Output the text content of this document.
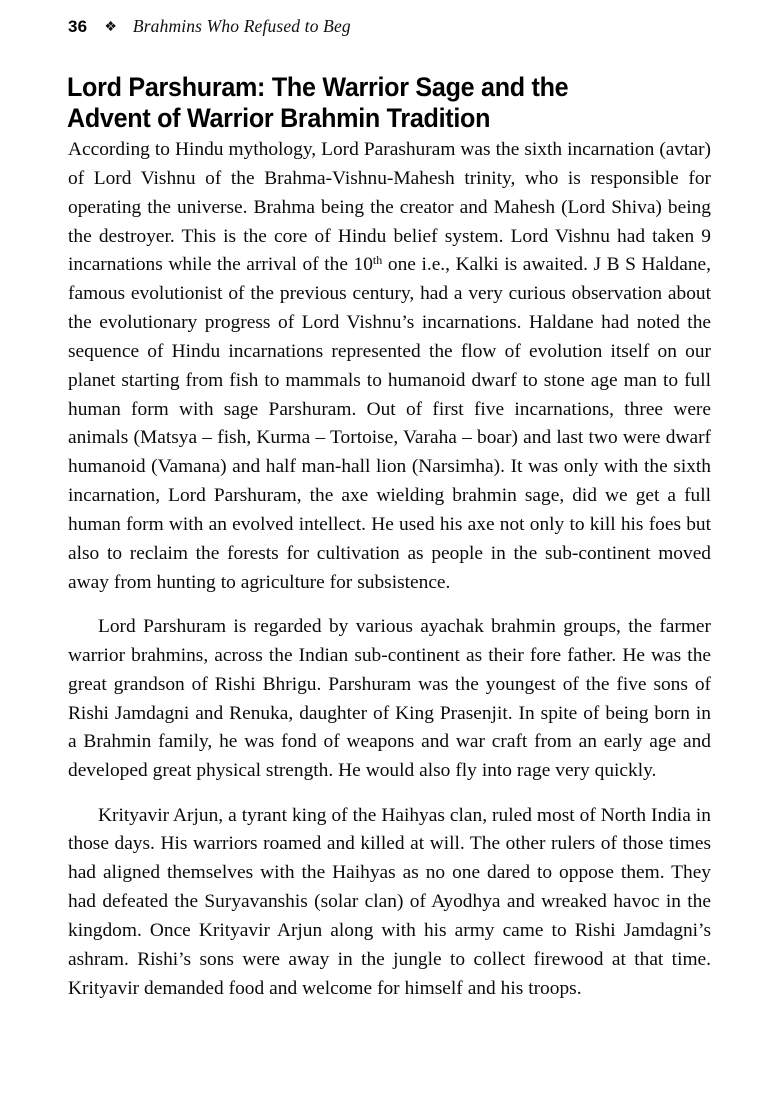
36 ❖ Brahmins Who Refused to Beg
Lord Parshuram: The Warrior Sage and the
Advent of Warrior Brahmin Tradition

According to Hindu mythology, Lord Parashuram was the sixth incarnation (avtar) of Lord Vishnu of the Brahma-Vishnu-Mahesh trinity, who is responsible for operating the universe. Brahma being the creator and Mahesh (Lord Shiva) being the destroyer. This is the core of Hindu belief system. Lord Vishnu had taken 9 incarnations while the arrival of the 10th one i.e., Kalki is awaited. J B S Haldane, famous evolutionist of the previous century, had a very curious observation about the evolutionary progress of Lord Vishnu’s incarnations. Haldane had noted the sequence of Hindu incarnations represented the flow of evolution itself on our planet starting from fish to mammals to humanoid dwarf to stone age man to full human form with sage Parshuram. Out of first five incarnations, three were animals (Matsya – fish, Kurma – Tortoise, Varaha – boar) and last two were dwarf humanoid (Vamana) and half man-hall lion (Narsimha). It was only with the sixth incarnation, Lord Parshuram, the axe wielding brahmin sage, did we get a full human form with an evolved intellect. He used his axe not only to kill his foes but also to reclaim the forests for cultivation as people in the sub-continent moved away from hunting to agriculture for subsistence.

Lord Parshuram is regarded by various ayachak brahmin groups, the farmer warrior brahmins, across the Indian sub-continent as their fore father. He was the great grandson of Rishi Bhrigu. Parshuram was the youngest of the five sons of Rishi Jamdagni and Renuka, daughter of King Prasenjit. In spite of being born in a Brahmin family, he was fond of weapons and war craft from an early age and developed great physical strength. He would also fly into rage very quickly.

Krityavir Arjun, a tyrant king of the Haihyas clan, ruled most of North India in those days. His warriors roamed and killed at will. The other rulers of those times had aligned themselves with the Haihyas as no one dared to oppose them. They had defeated the Suryavanshis (solar clan) of Ayodhya and wreaked havoc in the kingdom. Once Krityavir Arjun along with his army came to Rishi Jamdagni’s ashram. Rishi’s sons were away in the jungle to collect firewood at that time. Krityavir demanded food and welcome for himself and his troops.
